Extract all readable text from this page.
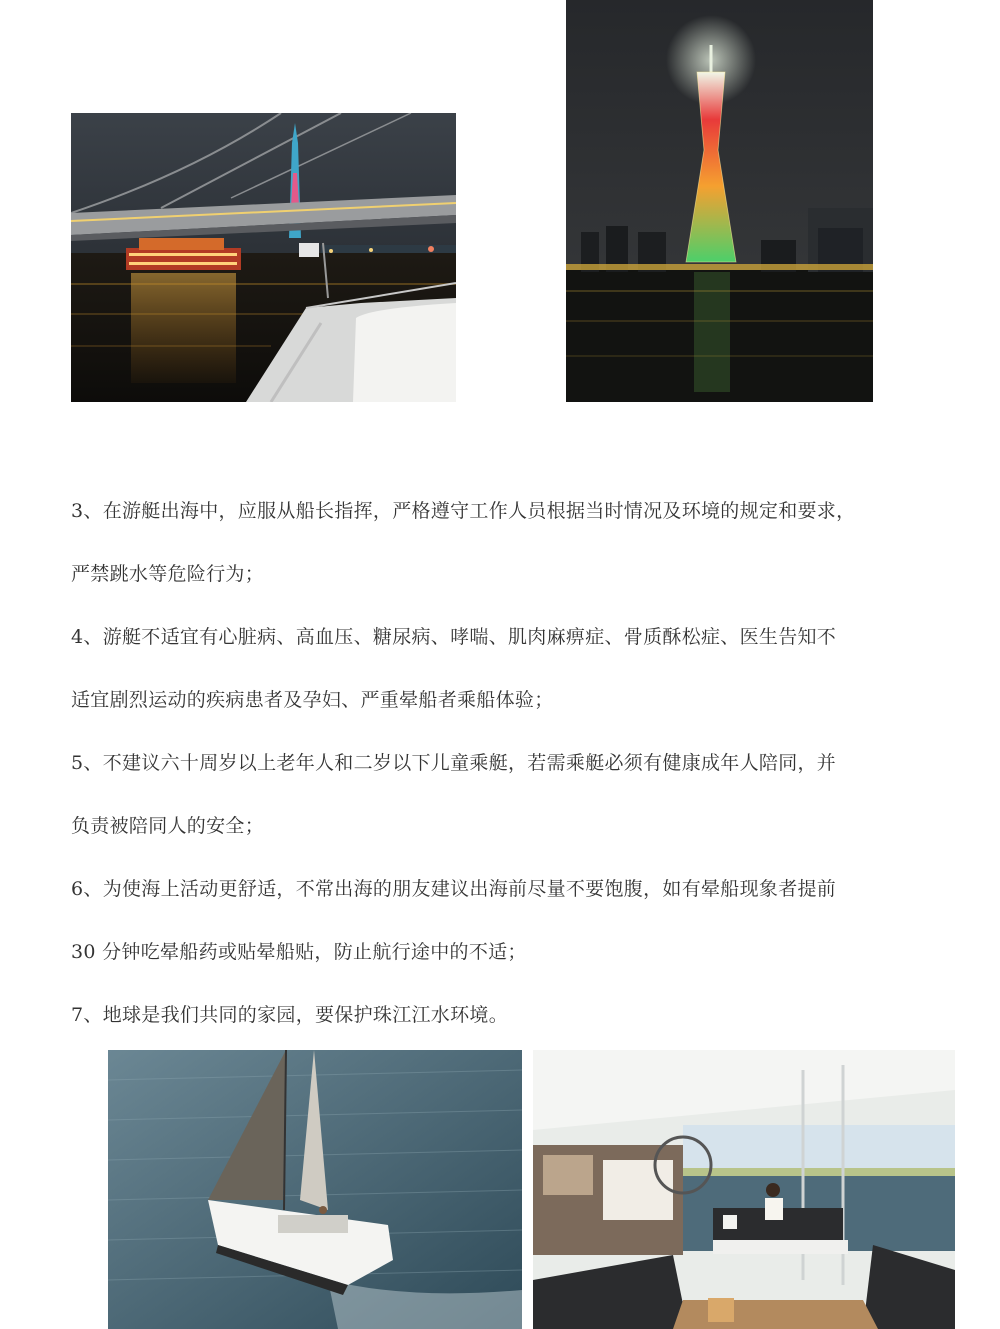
3、在游艇出海中，应服从船长指挥，严格遵守工作人员根据当时情况及环境的规定和要求，

严禁跳水等危险行为；

4、游艇不适宜有心脏病、高血压、糖尿病、哮喘、肌肉麻痹症、骨质酥松症、医生告知不

适宜剧烈运动的疾病患者及孕妇、严重晕船者乘船体验；

5、不建议六十周岁以上老年人和二岁以下儿童乘艇，若需乘艇必须有健康成年人陪同，并

负责被陪同人的安全；

6、为使海上活动更舒适，不常出海的朋友建议出海前尽量不要饱腹，如有晕船现象者提前

30 分钟吃晕船药或贴晕船贴，防止航行途中的不适；

7、地球是我们共同的家园，要保护珠江江水环境。
